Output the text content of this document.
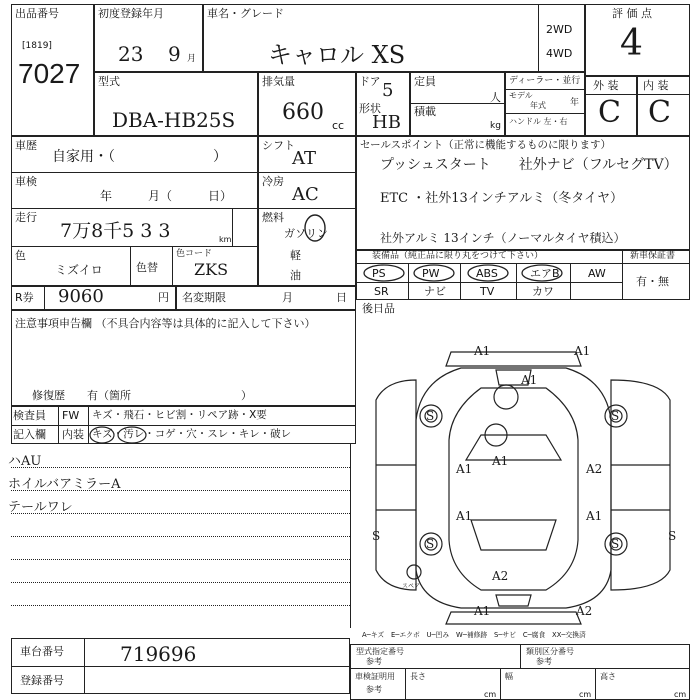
出品番号
[1819]
7027
初度登録年月
23 9 月
車名・グレード
キャロル XS
2WD
4WD
評 価 点
4
型式
DBA-HB25S
排気量
660
cc
ドア 5
形状
HB
定員
人
積載
kg
ディーラー・並行
モデル
年式	年
ハンドル 左・右
外 装 内 装
C C
車歴
自家用・（　　　　　　　）
車検
年　　　月（　　　日）
走行
7万8千5 3 3	km
色
ミズイロ	色替
色コード
ZKS
シフト
AT
冷房
AC
燃料
ガソリン
軽
油
セールスポイント（正常に機能するものに限ります）
プッシュスタート　　社外ナビ（フルセグTV）
ETC ・社外13インチアルミ（冬タイヤ）
社外アルミ 13インチ（ノーマルタイヤ積込）
装備品（純正品に限り丸をつけて下さい）
PS	PW	ABS	エアB	AW
SR	ナビ	TV	カワ
新車保証書
有・無
R券 9060	円 名変期限	月	日
後日品
注意事項申告欄 （不具合内容等は具体的に記入して下さい）
修復歴　　有（箇所　　　　　　　　　　）
検査員
記入欄
FW キズ・飛石・ヒビ割・リペア跡・X要
内装 キズ・汚レ・コゲ・穴・スレ・キレ・破レ
ハAU
ホイルバアミラーA
テールワレ
A1	A1
A1
A1	A2
A1	A1
A2
S	S
S	S
S	S
A1	A2
A1
スペア
A─キズ　E─エクボ　U─凹み　W─補修跡　S─サビ　C─腐食　XX─交換済
車台番号	719696
登録番号
型式指定番号
参考
類別区分番号
参考
車検証明用
参考
長さ
cm
幅
cm
高さ
cm
